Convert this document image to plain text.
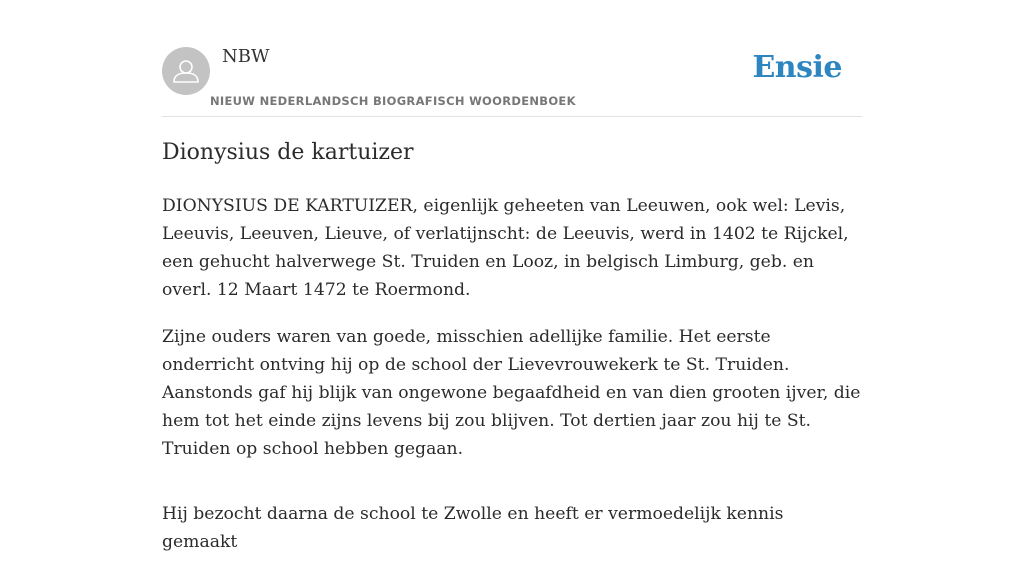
NBW
NIEUW NEDERLANDSCH BIOGRAFISCH WOORDENBOEK
Ensie
Dionysius de kartuizer

DIONYSIUS DE KARTUIZER, eigenlijk geheeten van Leeuwen, ook wel: Levis, Leeuvis, Leeuven, Lieuve, of verlatijnscht: de Leeuvis, werd in 1402 te Rijckel, een gehucht halverwege St. Truiden en Looz, in belgisch Limburg, geb. en overl. 12 Maart 1472 te Roermond.

Zijne ouders waren van goede, misschien adellijke familie. Het eerste onderricht ontving hij op de school der Lievevrouwekerk te St. Truiden. Aanstonds gaf hij blijk van ongewone begaafdheid en van dien grooten ijver, die hem tot het einde zijns levens bij zou blijven. Tot dertien jaar zou hij te St. Truiden op school hebben gegaan.

Hij bezocht daarna de school te Zwolle en heeft er vermoedelijk kennis gemaakt
